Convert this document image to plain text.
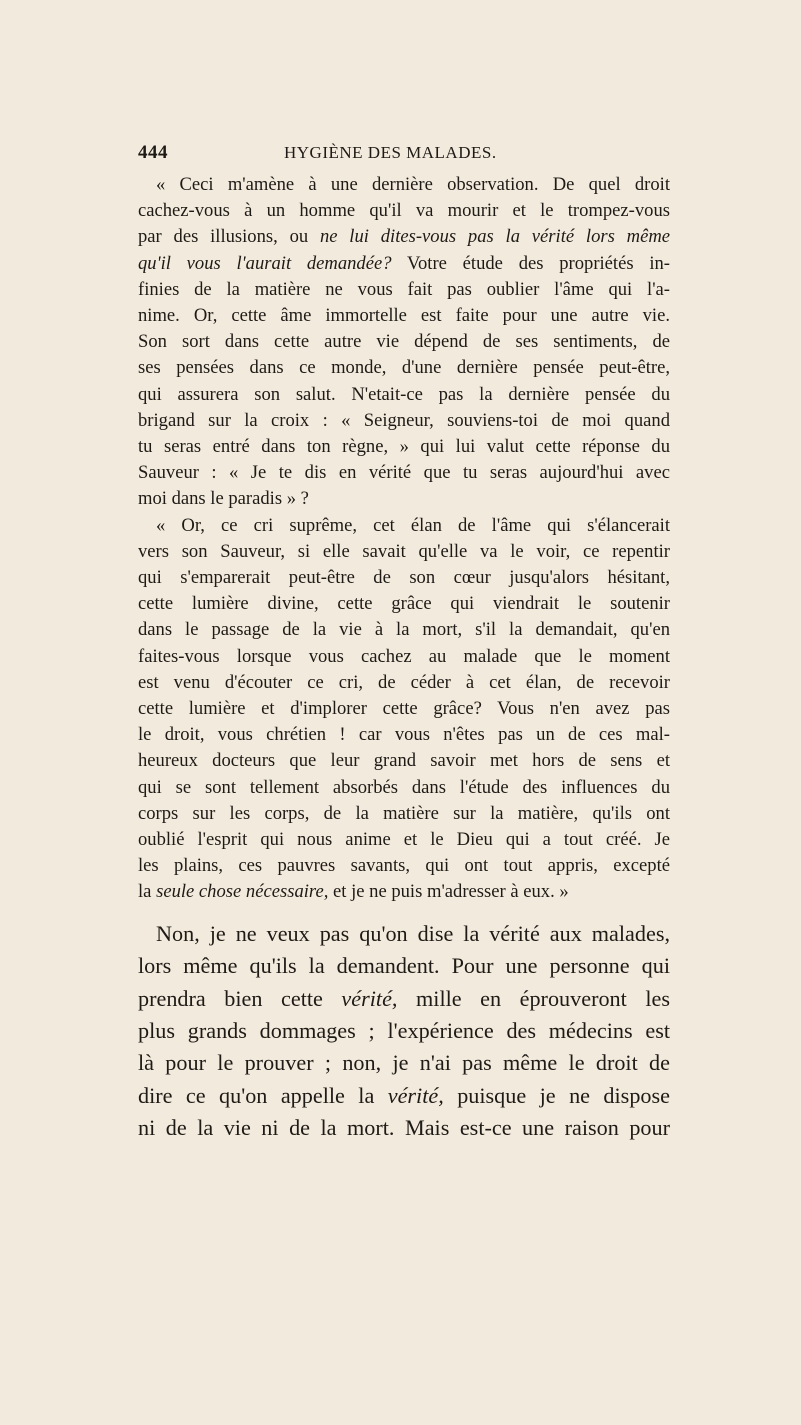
444	HYGIÈNE DES MALADES.
« Ceci m'amène à une dernière observation. De quel droit
cachez-vous à un homme qu'il va mourir et le trompez-vous
par des illusions, ou ne lui dites-vous pas la vérité lors même
qu'il vous l'aurait demandée? Votre étude des propriétés in-
finies de la matière ne vous fait pas oublier l'âme qui l'a-
nime. Or, cette âme immortelle est faite pour une autre vie.
Son sort dans cette autre vie dépend de ses sentiments, de
ses pensées dans ce monde, d'une dernière pensée peut-être,
qui assurera son salut. N'etait-ce pas la dernière pensée du
brigand sur la croix : « Seigneur, souviens-toi de moi quand
tu seras entré dans ton règne, » qui lui valut cette réponse du
Sauveur : « Je te dis en vérité que tu seras aujourd'hui avec
moi dans le paradis » ?
« Or, ce cri suprême, cet élan de l'âme qui s'élancerait
vers son Sauveur, si elle savait qu'elle va le voir, ce repentir
qui s'emparerait peut-être de son cœur jusqu'alors hésitant,
cette lumière divine, cette grâce qui viendrait le soutenir
dans le passage de la vie à la mort, s'il la demandait, qu'en
faites-vous lorsque vous cachez au malade que le moment
est venu d'écouter ce cri, de céder à cet élan, de recevoir
cette lumière et d'implorer cette grâce? Vous n'en avez pas
le droit, vous chrétien ! car vous n'êtes pas un de ces mal-
heureux docteurs que leur grand savoir met hors de sens et
qui se sont tellement absorbés dans l'étude des influences du
corps sur les corps, de la matière sur la matière, qu'ils ont
oublié l'esprit qui nous anime et le Dieu qui a tout créé. Je
les plains, ces pauvres savants, qui ont tout appris, excepté
la seule chose nécessaire, et je ne puis m'adresser à eux. »
Non, je ne veux pas qu'on dise la vérité aux malades,
lors même qu'ils la demandent. Pour une personne qui
prendra bien cette vérité, mille en éprouveront les
plus grands dommages ; l'expérience des médecins est
là pour le prouver ; non, je n'ai pas même le droit de
dire ce qu'on appelle la vérité, puisque je ne dispose
ni de la vie ni de la mort. Mais est-ce une raison pour
